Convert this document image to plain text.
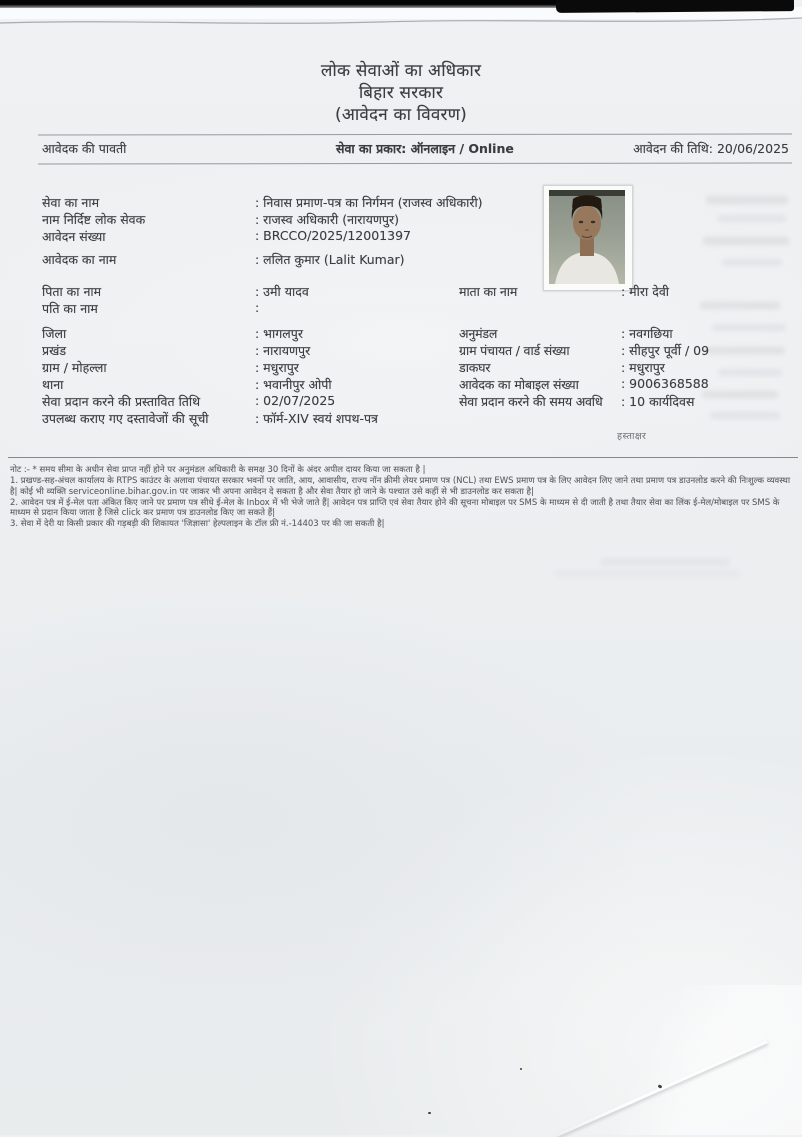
लोक सेवाओं का अधिकार
बिहार सरकार
(आवेदन का विवरण)
आवेदक की पावती	सेवा का प्रकार: ऑनलाइन / Online	आवेदन की तिथि: 20/06/2025
सेवा का नाम	: निवास प्रमाण-पत्र का निर्गमन (राजस्व अधिकारी)
नाम निर्दिष्ट लोक सेवक	: राजस्व अधिकारी (नारायणपुर)
आवेदन संख्या	: BRCCO/2025/12001397
आवेदक का नाम	: ललित कुमार (Lalit Kumar)
पिता का नाम	: उमी यादव	माता का नाम	: मीरा देवी
पति का नाम	:
जिला	: भागलपुर	अनुमंडल	: नवगछिया
प्रखंड	: नारायणपुर	ग्राम पंचायत / वार्ड संख्या	: सीहपुर पूर्वी / 09
ग्राम / मोहल्ला	: मधुरापुर	डाकघर	: मधुरापुर
थाना	: भवानीपुर ओपी	आवेदक का मोबाइल संख्या	: 9006368588
सेवा प्रदान करने की प्रस्तावित तिथि	: 02/07/2025	सेवा प्रदान करने की समय अवधि : 10 कार्यदिवस
उपलब्ध कराए गए दस्तावेजों की सूची	: फॉर्म-XIV स्वयं शपथ-पत्र
हस्ताक्षर
नोट :- * समय सीमा के अधीन सेवा प्राप्त नहीं होने पर अनुमंडल अधिकारी के समक्ष 30 दिनों के अंदर अपील दायर किया जा सकता है |
1. प्रखण्ड-सह-अंचल कार्यालय के RTPS काउंटर के अलावा पंचायत सरकार भवनों पर जाति, आय, आवासीय, राज्य नॉन क्रीमी लेयर प्रमाण पत्र (NCL) तथा EWS प्रमाण पत्र के लिए आवेदन लिए जाने तथा प्रमाण पत्र डाउनलोड करने की निःशुल्क व्यवस्था है| कोई भी व्यक्ति serviceonline.bihar.gov.in पर जाकर भी अपना आवेदन दे सकता है और सेवा तैयार हो जाने के पश्चात उसे कहीं से भी डाउनलोड कर सकता है|
2. आवेदन पत्र में ई-मेल पता अंकित किए जाने पर प्रमाण पत्र सीधे ई-मेल के Inbox में भी भेजे जाते हैं| आवेदन पत्र प्राप्ति एवं सेवा तैयार होने की सूचना मोबाइल पर SMS के माध्यम से दी जाती है तथा तैयार सेवा का लिंक ई-मेल/मोबाइल पर SMS के माध्यम से प्रदान किया जाता है जिसे click कर प्रमाण पत्र डाउनलोड किए जा सकते हैं|
3. सेवा में देरी या किसी प्रकार की गड़बड़ी की शिकायत 'जिज्ञासा' हेल्पलाइन के टॉल फ्री नं.-14403 पर की जा सकती है|
